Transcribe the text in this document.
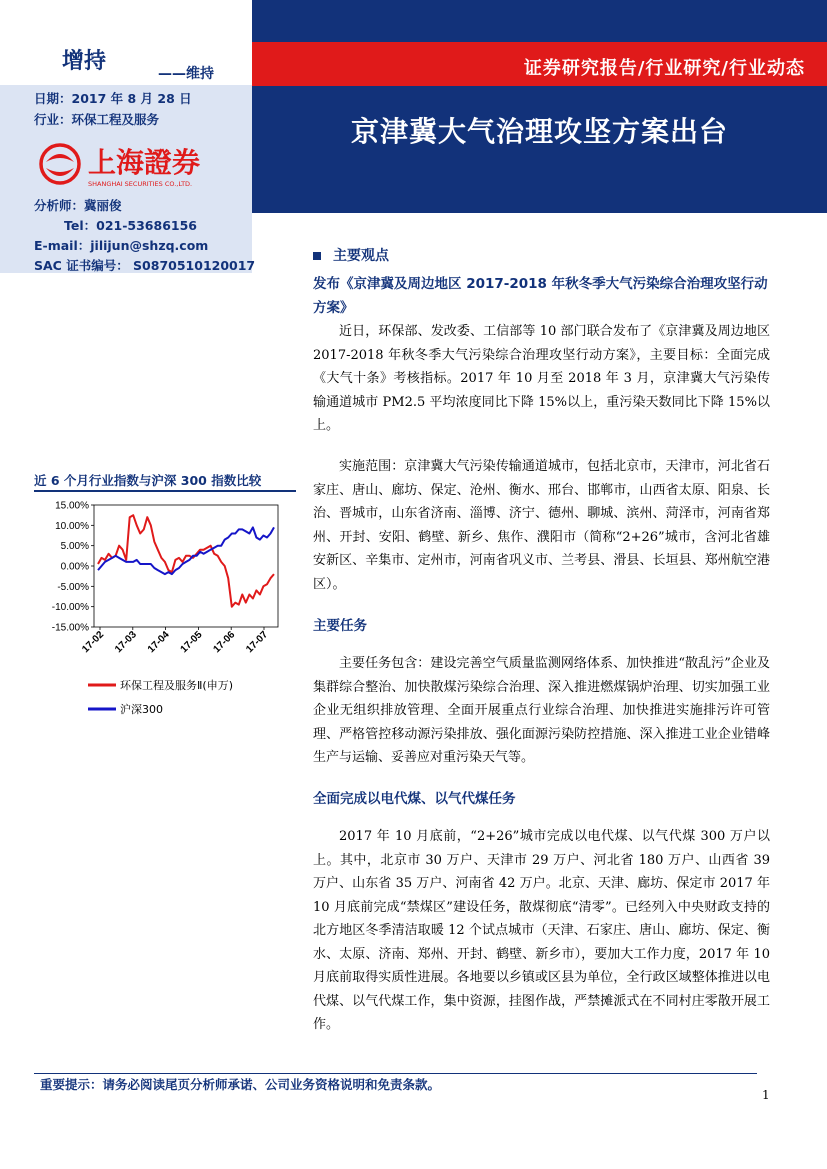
证券研究报告/行业研究/行业动态
京津冀大气治理攻坚方案出台
增持	——维持
日期：2017 年 8 月 28 日
行业：环保工程及服务
上海證券
SHANGHAI SECURITIES CO.,LTD.
分析师：冀丽俊
Tel：021-53686156
E-mail：jilijun@shzq.com
SAC 证书编号： S0870510120017
近 6 个月行业指数与沪深 300 指数比较
15.00%
10.00%
5.00%
0.00%
-5.00%
-10.00%
-15.00%
17-02 17-03 17-04 17-05 17-06 17-07
环保工程及服务Ⅱ(申万)
沪深300
主要观点
发布《京津冀及周边地区 2017-2018 年秋冬季大气污染综合治理攻坚行动方案》
近日，环保部、发改委、工信部等 10 部门联合发布了《京津冀及周边地区 2017-2018 年秋冬季大气污染综合治理攻坚行动方案》，主要目标：全面完成《大气十条》考核指标。2017 年 10 月至 2018 年 3 月，京津冀大气污染传输通道城市 PM2.5 平均浓度同比下降 15%以上，重污染天数同比下降 15%以上。
实施范围：京津冀大气污染传输通道城市，包括北京市，天津市，河北省石家庄、唐山、廊坊、保定、沧州、衡水、邢台、邯郸市，山西省太原、阳泉、长治、晋城市，山东省济南、淄博、济宁、德州、聊城、滨州、菏泽市，河南省郑州、开封、安阳、鹤壁、新乡、焦作、濮阳市（简称“2+26”城市，含河北省雄安新区、辛集市、定州市，河南省巩义市、兰考县、滑县、长垣县、郑州航空港区）。
主要任务
主要任务包含：建设完善空气质量监测网络体系、加快推进“散乱污”企业及集群综合整治、加快散煤污染综合治理、深入推进燃煤锅炉治理、切实加强工业企业无组织排放管理、全面开展重点行业综合治理、加快推进实施排污许可管理、严格管控移动源污染排放、强化面源污染防控措施、深入推进工业企业错峰生产与运输、妥善应对重污染天气等。
全面完成以电代煤、以气代煤任务
2017 年 10 月底前，“2+26”城市完成以电代煤、以气代煤 300 万户以上。其中，北京市 30 万户、天津市 29 万户、河北省 180 万户、山西省 39 万户、山东省 35 万户、河南省 42 万户。北京、天津、廊坊、保定市 2017 年 10 月底前完成“禁煤区”建设任务，散煤彻底“清零”。已经列入中央财政支持的北方地区冬季清洁取暖 12 个试点城市（天津、石家庄、唐山、廊坊、保定、衡水、太原、济南、郑州、开封、鹤壁、新乡市），要加大工作力度，2017 年 10 月底前取得实质性进展。各地要以乡镇或区县为单位，全行政区域整体推进以电代煤、以气代煤工作，集中资源，挂图作战，严禁摊派式在不同村庄零散开展工作。
重要提示：请务必阅读尾页分析师承诺、公司业务资格说明和免责条款。
1
